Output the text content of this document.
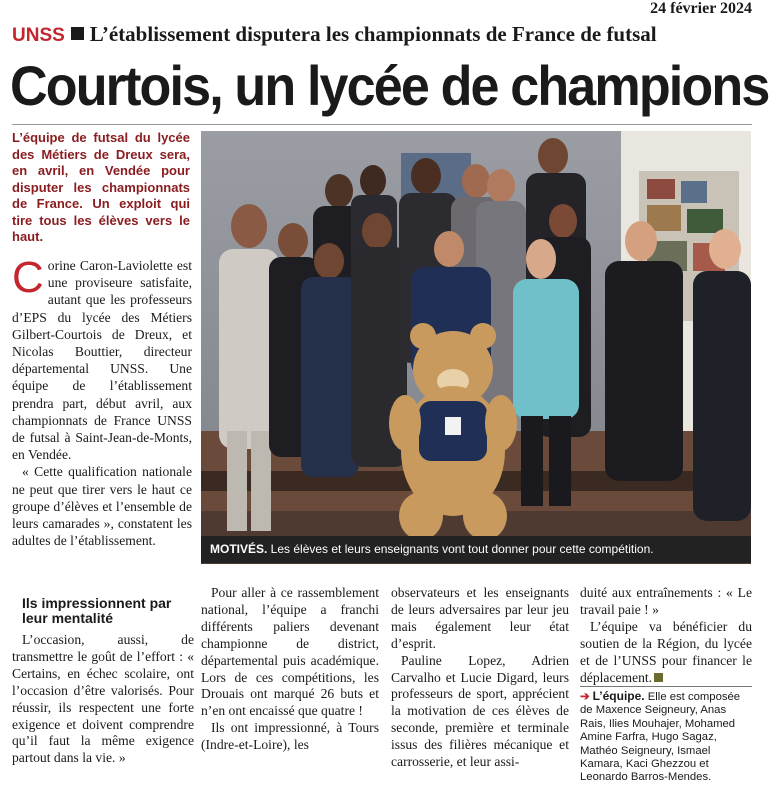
24 février 2024
UNSS L’établissement disputera les championnats de France de futsal
Courtois, un lycée de champions
L’équipe de futsal du lycée des Métiers de Dreux sera, en avril, en Vendée pour disputer les championnats de France. Un exploit qui tire tous les élèves vers le haut.
C orine Caron-Laviolette est une proviseure satisfaite, autant que les professeurs d’EPS du lycée des Métiers Gilbert-Courtois de Dreux, et Nicolas Bouttier, directeur départemental UNSS. Une équipe de l’établissement prendra part, début avril, aux championnats de France UNSS de futsal à Saint-Jean-de-Monts, en Vendée.

« Cette qualification nationale ne peut que tirer vers le haut ce groupe d’élèves et l’ensemble de leurs camarades », constatent les adultes de l’établissement.

Ils impressionnent par leur mentalité

L’occasion, aussi, de transmettre le goût de l’effort : « Certains, en échec scolaire, ont l’occasion d’être valorisés. Pour réussir, ils respectent une forte exigence et doivent comprendre qu’il faut la même exigence partout dans la vie. »

MOTIVÉS. Les élèves et leurs enseignants vont tout donner pour cette compétition.

Pour aller à ce rassemblement national, l’équipe a franchi différents paliers devenant championne de district, départemental puis académique. Lors de ces compétitions, les Drouais ont marqué 26 buts et n’en ont encaissé que quatre !

Ils ont impressionné, à Tours (Indre-et-Loire), les

observateurs et les enseignants de leurs adversaires par leur jeu mais également leur état d’esprit.

Pauline Lopez, Adrien Carvalho et Lucie Digard, leurs professeurs de sport, apprécient la motivation de ces élèves de seconde, première et terminale issus des filières mécanique et carrosserie, et leur assi-

duité aux entraînements : « Le travail paie ! »

L’équipe va bénéficier du soutien de la Région, du lycée et de l’UNSS pour financer le déplacement.

➔ L’équipe. Elle est composée de Maxence Seigneury, Anas Rais, Ilies Mouhajer, Mohamed Amine Farfra, Hugo Sagaz, Mathéo Seigneury, Ismael Kamara, Kaci Ghezzou et Leonardo Barros-Mendes.
